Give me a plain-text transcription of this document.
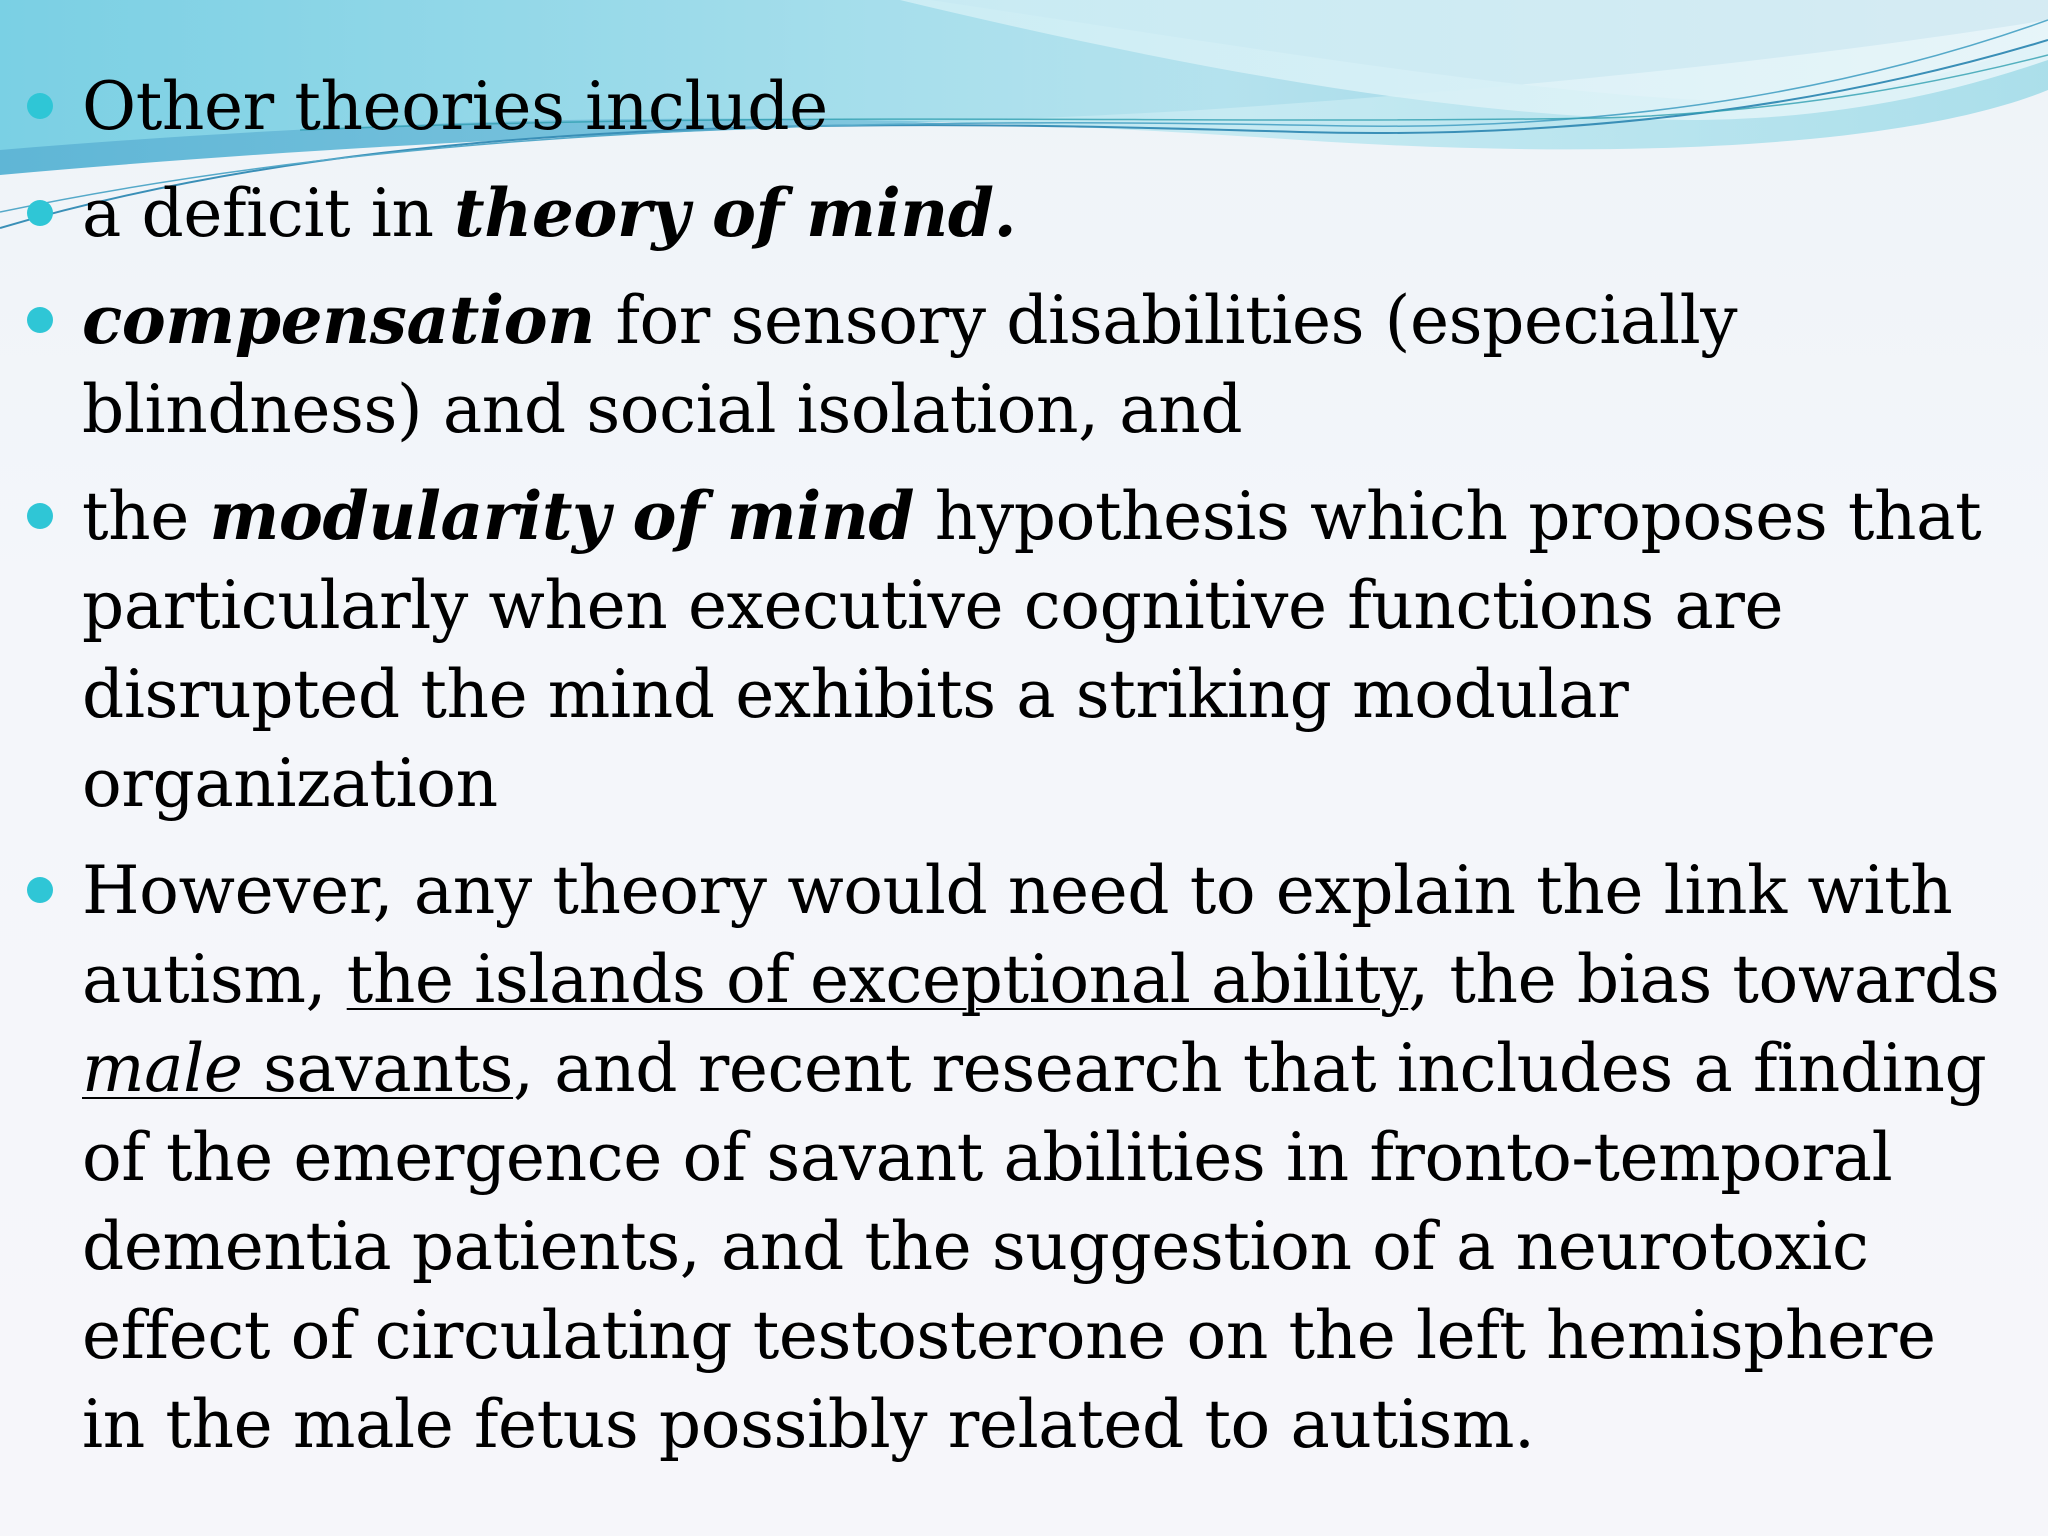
Other theories include
a deficit in theory of mind.
compensation for sensory disabilities (especially blindness) and social isolation, and
the modularity of mind hypothesis which proposes that particularly when executive cognitive functions are disrupted the mind exhibits a striking modular organization
However, any theory would need to explain the link with autism, the islands of exceptional ability, the bias towards male savants, and recent research that includes a finding of the emergence of savant abilities in fronto-temporal dementia patients, and the suggestion of a neurotoxic effect of circulating testosterone on the left hemisphere in the male fetus possibly related to autism.
